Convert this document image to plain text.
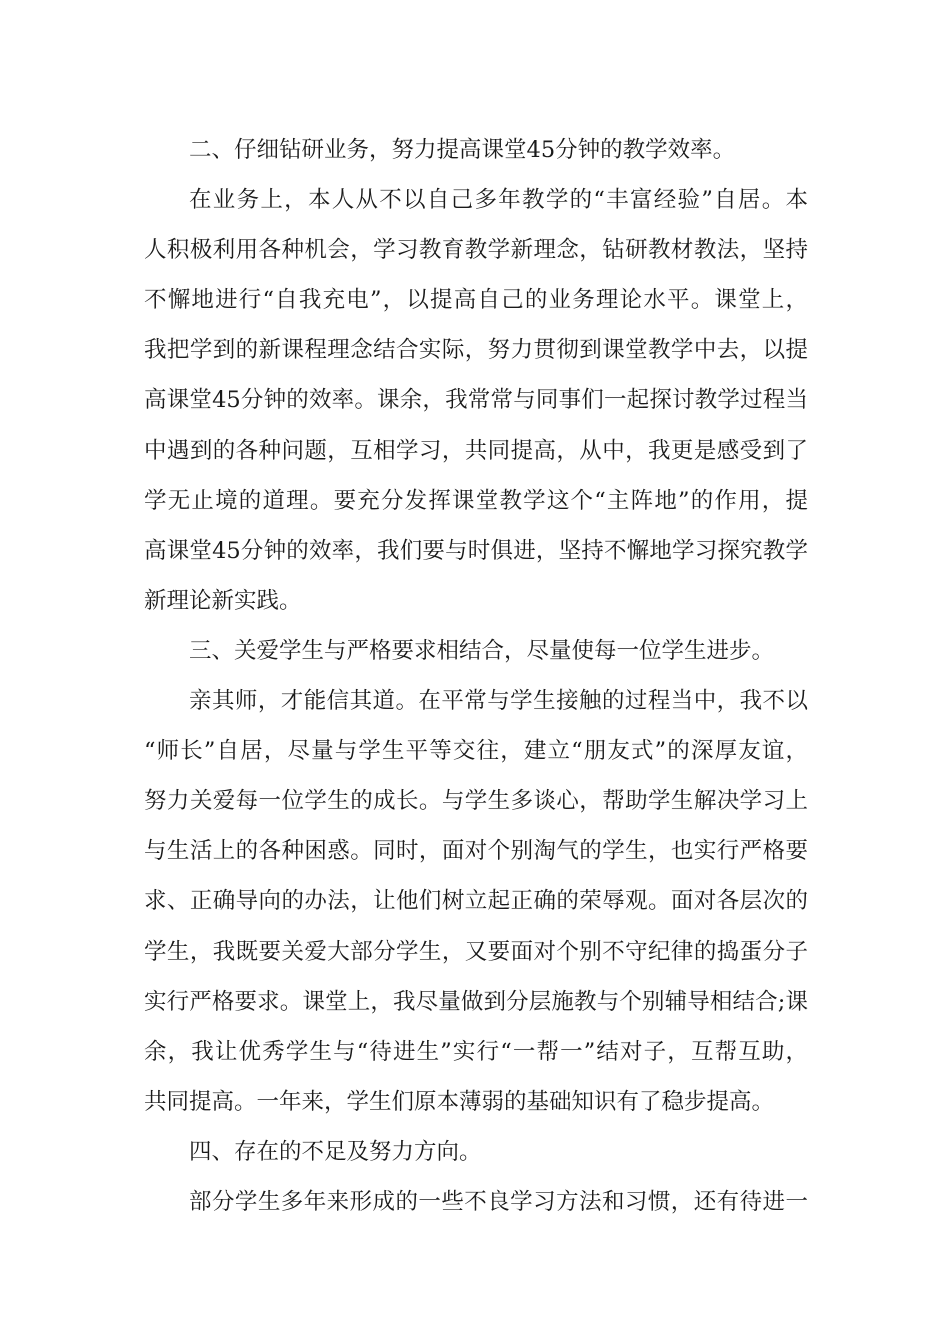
二、仔细钻研业务，努力提高课堂45分钟的教学效率。
在业务上，本人从不以自己多年教学的“丰富经验”自居。本
人积极利用各种机会，学习教育教学新理念，钻研教材教法，坚持
不懈地进行“自我充电”，以提高自己的业务理论水平。课堂上，
我把学到的新课程理念结合实际，努力贯彻到课堂教学中去，以提
高课堂45分钟的效率。课余，我常常与同事们一起探讨教学过程当
中遇到的各种问题，互相学习，共同提高，从中，我更是感受到了
学无止境的道理。要充分发挥课堂教学这个“主阵地”的作用，提
高课堂45分钟的效率，我们要与时俱进，坚持不懈地学习探究教学
新理论新实践。
三、关爱学生与严格要求相结合，尽量使每一位学生进步。
亲其师，才能信其道。在平常与学生接触的过程当中，我不以
“师长”自居，尽量与学生平等交往，建立“朋友式”的深厚友谊，
努力关爱每一位学生的成长。与学生多谈心，帮助学生解决学习上
与生活上的各种困惑。同时，面对个别淘气的学生，也实行严格要
求、正确导向的办法，让他们树立起正确的荣辱观。面对各层次的
学生，我既要关爱大部分学生，又要面对个别不守纪律的捣蛋分子
实行严格要求。课堂上，我尽量做到分层施教与个别辅导相结合;课
余，我让优秀学生与“待进生”实行“一帮一”结对子，互帮互助，
共同提高。一年来，学生们原本薄弱的基础知识有了稳步提高。
四、存在的不足及努力方向。
部分学生多年来形成的一些不良学习方法和习惯，还有待进一
